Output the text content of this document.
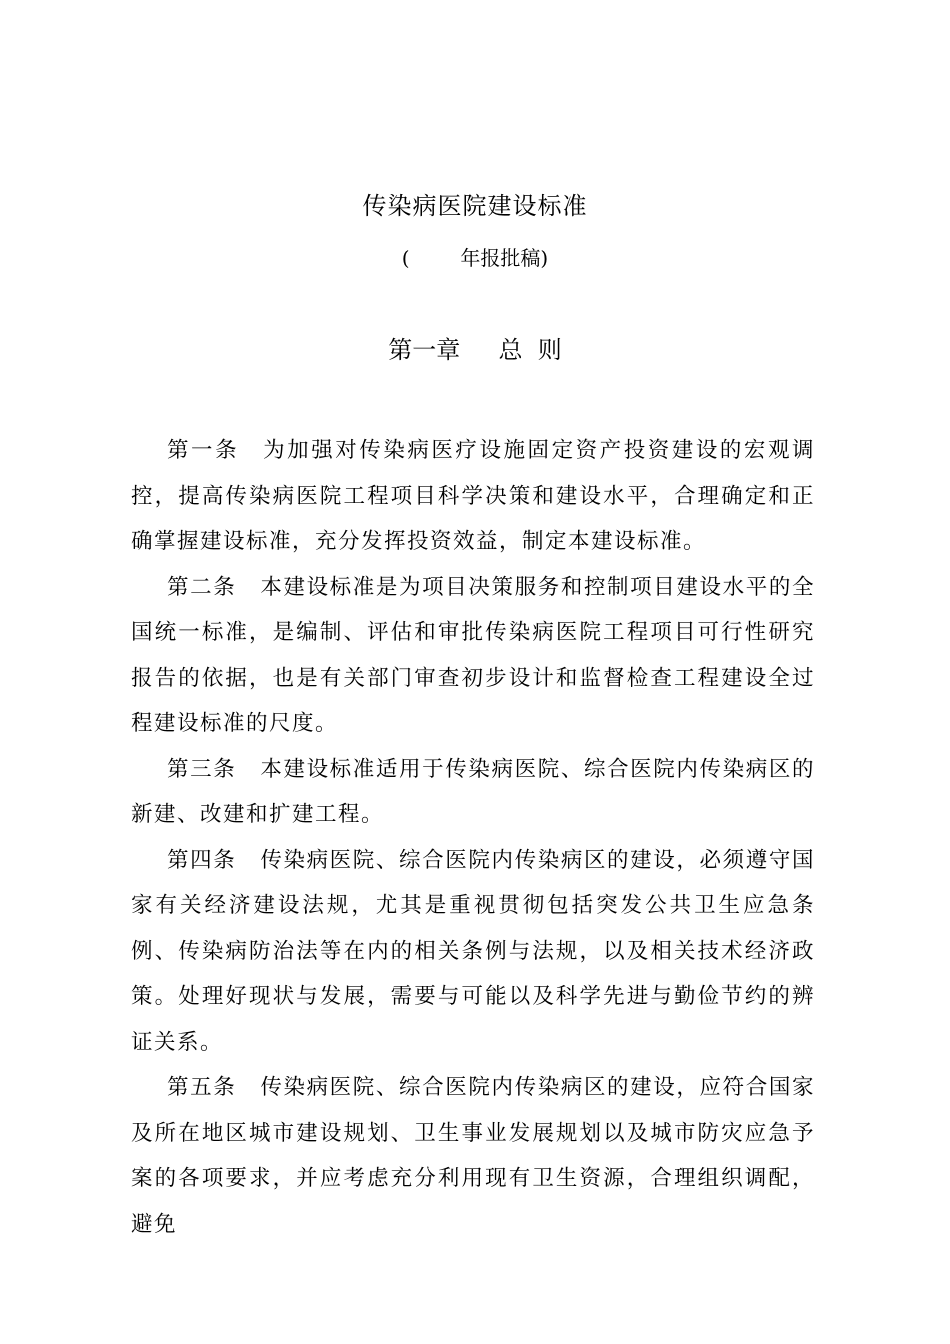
传染病医院建设标准
(        年报批稿)
第一章     总  则

第一条 为加强对传染病医疗设施固定资产投资建设的宏观调控，提高传染病医院工程项目科学决策和建设水平，合理确定和正确掌握建设标准，充分发挥投资效益，制定本建设标准。

第二条 本建设标准是为项目决策服务和控制项目建设水平的全国统一标准，是编制、评估和审批传染病医院工程项目可行性研究报告的依据，也是有关部门审查初步设计和监督检查工程建设全过程建设标准的尺度。

第三条 本建设标准适用于传染病医院、综合医院内传染病区的新建、改建和扩建工程。

第四条 传染病医院、综合医院内传染病区的建设，必须遵守国家有关经济建设法规，尤其是重视贯彻包括突发公共卫生应急条例、传染病防治法等在内的相关条例与法规，以及相关技术经济政策。处理好现状与发展，需要与可能以及科学先进与勤俭节约的辨证关系。

第五条 传染病医院、综合医院内传染病区的建设，应符合国家及所在地区城市建设规划、卫生事业发展规划以及城市防灾应急予案的各项要求，并应考虑充分利用现有卫生资源，合理组织调配，避免
